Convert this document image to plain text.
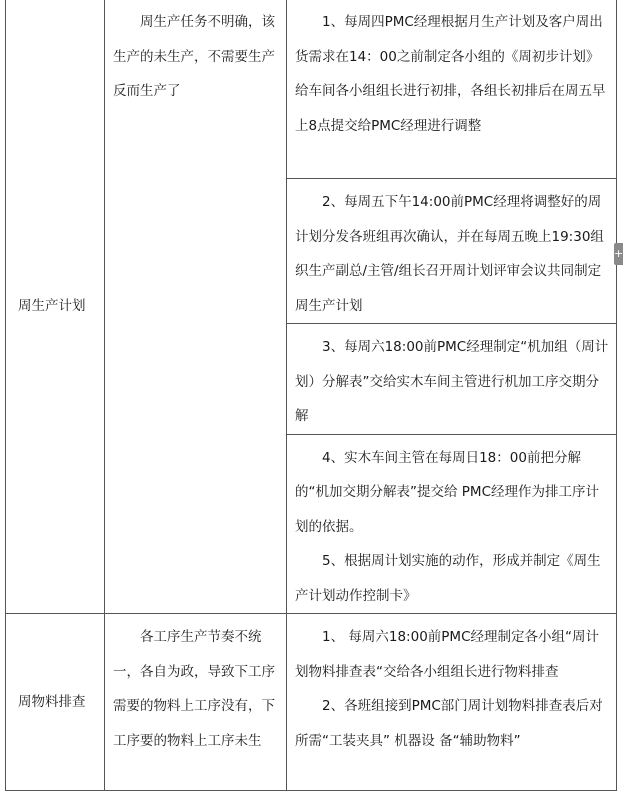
周生产计划	周生产任务不明确，该生产的未生产，不需要生产反而生产了	1、每周四PMC经理根据月生产计划及客户周出货需求在14：00之前制定各小组的《周初步计划》给车间各小组组长进行初排，各组长初排后在周五早上8点提交给PMC经理进行调整
		2、每周五下午14:00前PMC经理将调整好的周计划分发各班组再次确认，并在每周五晚上19:30组织生产副总/主管/组长召开周计划评审会议共同制定周生产计划
		3、每周六18:00前PMC经理制定“机加组（周计划）分解表”交给实木车间主管进行机加工序交期分解

		4、实木车间主管在每周日18：00前把分解的“机加交期分解表”提交给 PMC经理作为排工序计划的依据。

5、根据周计划实施的动作，形成并制定《周生产计划动作控制卡》

周物料排查	各工序生产节奏不统一，各自为政，导致下工序需要的物料上工序没有，下工序要的物料上工序未生	1、 每周六18:00前PMC经理制定各小组“周计划物料排查表“交给各小组组长进行物料排查

2、各班组接到PMC部门周计划物料排查表后对所需“工装夹具” 机器设 备“辅助物料”

+
